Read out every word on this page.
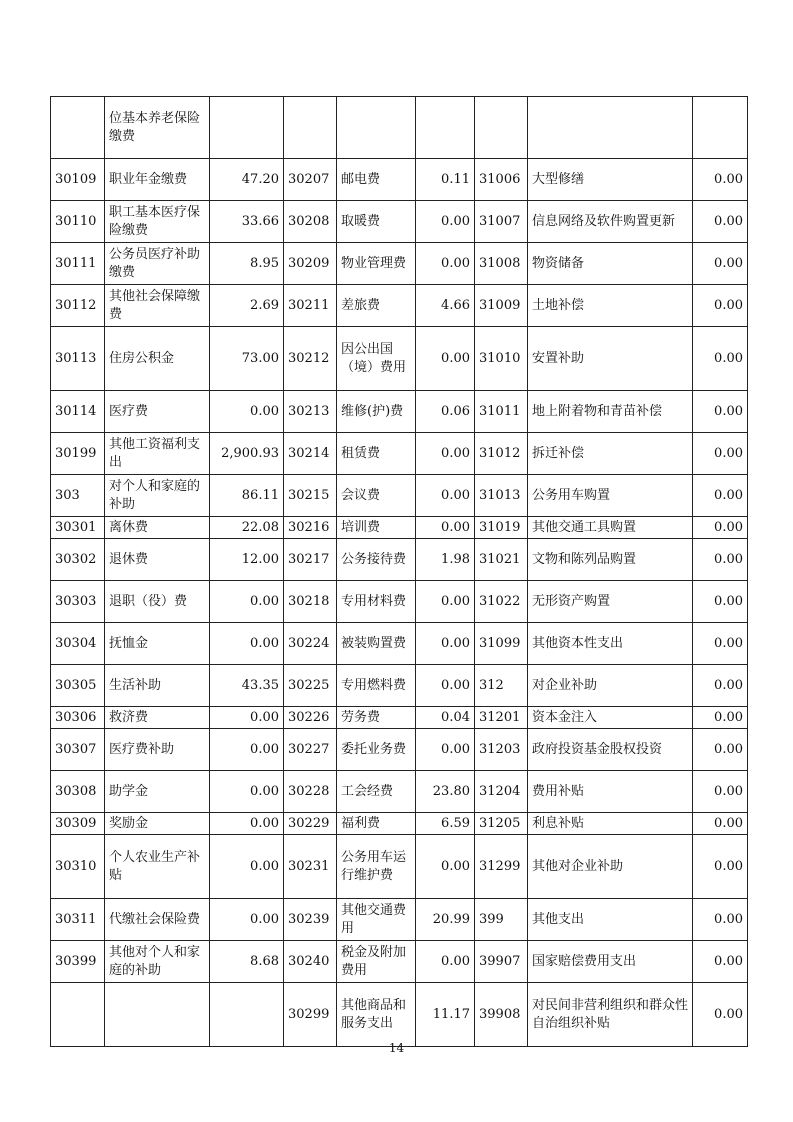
	位基本养老保险缴费							
30109	职业年金缴费	47.20	30207	邮电费	0.11	31006	大型修缮	0.00
30110	职工基本医疗保险缴费	33.66	30208	取暖费	0.00	31007	信息网络及软件购置更新	0.00
30111	公务员医疗补助缴费	8.95	30209	物业管理费	0.00	31008	物资储备	0.00
30112	其他社会保障缴费	2.69	30211	差旅费	4.66	31009	土地补偿	0.00
30113	住房公积金	73.00	30212	因公出国（境）费用	0.00	31010	安置补助	0.00
30114	医疗费	0.00	30213	维修(护)费	0.06	31011	地上附着物和青苗补偿	0.00
30199	其他工资福利支出	2,900.93	30214	租赁费	0.00	31012	拆迁补偿	0.00
303	对个人和家庭的补助	86.11	30215	会议费	0.00	31013	公务用车购置	0.00
30301	离休费	22.08	30216	培训费	0.00	31019	其他交通工具购置	0.00
30302	退休费	12.00	30217	公务接待费	1.98	31021	文物和陈列品购置	0.00
30303	退职（役）费	0.00	30218	专用材料费	0.00	31022	无形资产购置	0.00
30304	抚恤金	0.00	30224	被装购置费	0.00	31099	其他资本性支出	0.00
30305	生活补助	43.35	30225	专用燃料费	0.00	312	对企业补助	0.00
30306	救济费	0.00	30226	劳务费	0.04	31201	资本金注入	0.00
30307	医疗费补助	0.00	30227	委托业务费	0.00	31203	政府投资基金股权投资	0.00
30308	助学金	0.00	30228	工会经费	23.80	31204	费用补贴	0.00
30309	奖励金	0.00	30229	福利费	6.59	31205	利息补贴	0.00
30310	个人农业生产补贴	0.00	30231	公务用车运行维护费	0.00	31299	其他对企业补助	0.00
30311	代缴社会保险费	0.00	30239	其他交通费用	20.99	399	其他支出	0.00
30399	其他对个人和家庭的补助	8.68	30240	税金及附加费用	0.00	39907	国家赔偿费用支出	0.00
			30299	其他商品和服务支出	11.17	39908	对民间非营利组织和群众性自治组织补贴	0.00
14
